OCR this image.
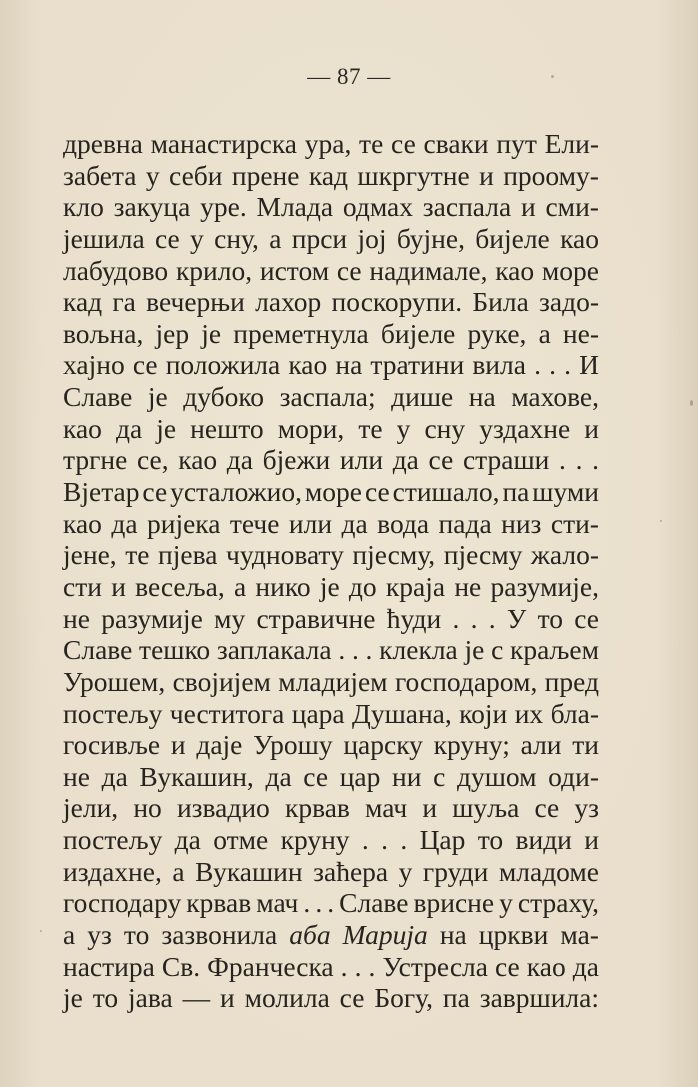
— 87 —
древна манастирска ура, те се сваки пут Ели-
забета у себи прене кад шкргутне и проому-
кло закуца уре. Млада одмах заспала и сми-
јешила се у сну, а прси јој бујне, бијеле као
лабудово крило, истом се надимале, као море
кад га вечерњи лахор поскорупи. Била задо-
вољна, јер је преметнула бијеле руке, а не-
хајно се положила као на тратини вила . . . И
Славе је дубоко заспала; дише на махове,
као да је нешто мори, те у сну уздахне и
тргне се, као да бјежи или да се страши . . .
Вјетар се усталожио, море се стишало, па шуми
као да ријека тече или да вода пада низ сти-
јене, те пјева чудновату пјесму, пјесму жало-
сти и весеља, а нико је до краја не разумије,
не разумије му стравичне ћуди . . . У то се
Славе тешко заплакала . . . клекла је с краљем
Урошем, својијем младијем господаром, пред
постељу честитога цара Душана, који их бла-
госивље и даје Урошу царску круну; али ти
не да Вукашин, да се цар ни с душом оди-
јели, но извадио крвав мач и шуља се уз
постељу да отме круну . . . Цар то види и
издахне, а Вукашин заћера у груди младоме
господару крвав мач . . . Славе врисне у страху,
а уз то зазвонила аба Марија на цркви ма-
настира Св. Франческа . . . Устресла се као да
је то јава — и молила се Богу, па завршила:
